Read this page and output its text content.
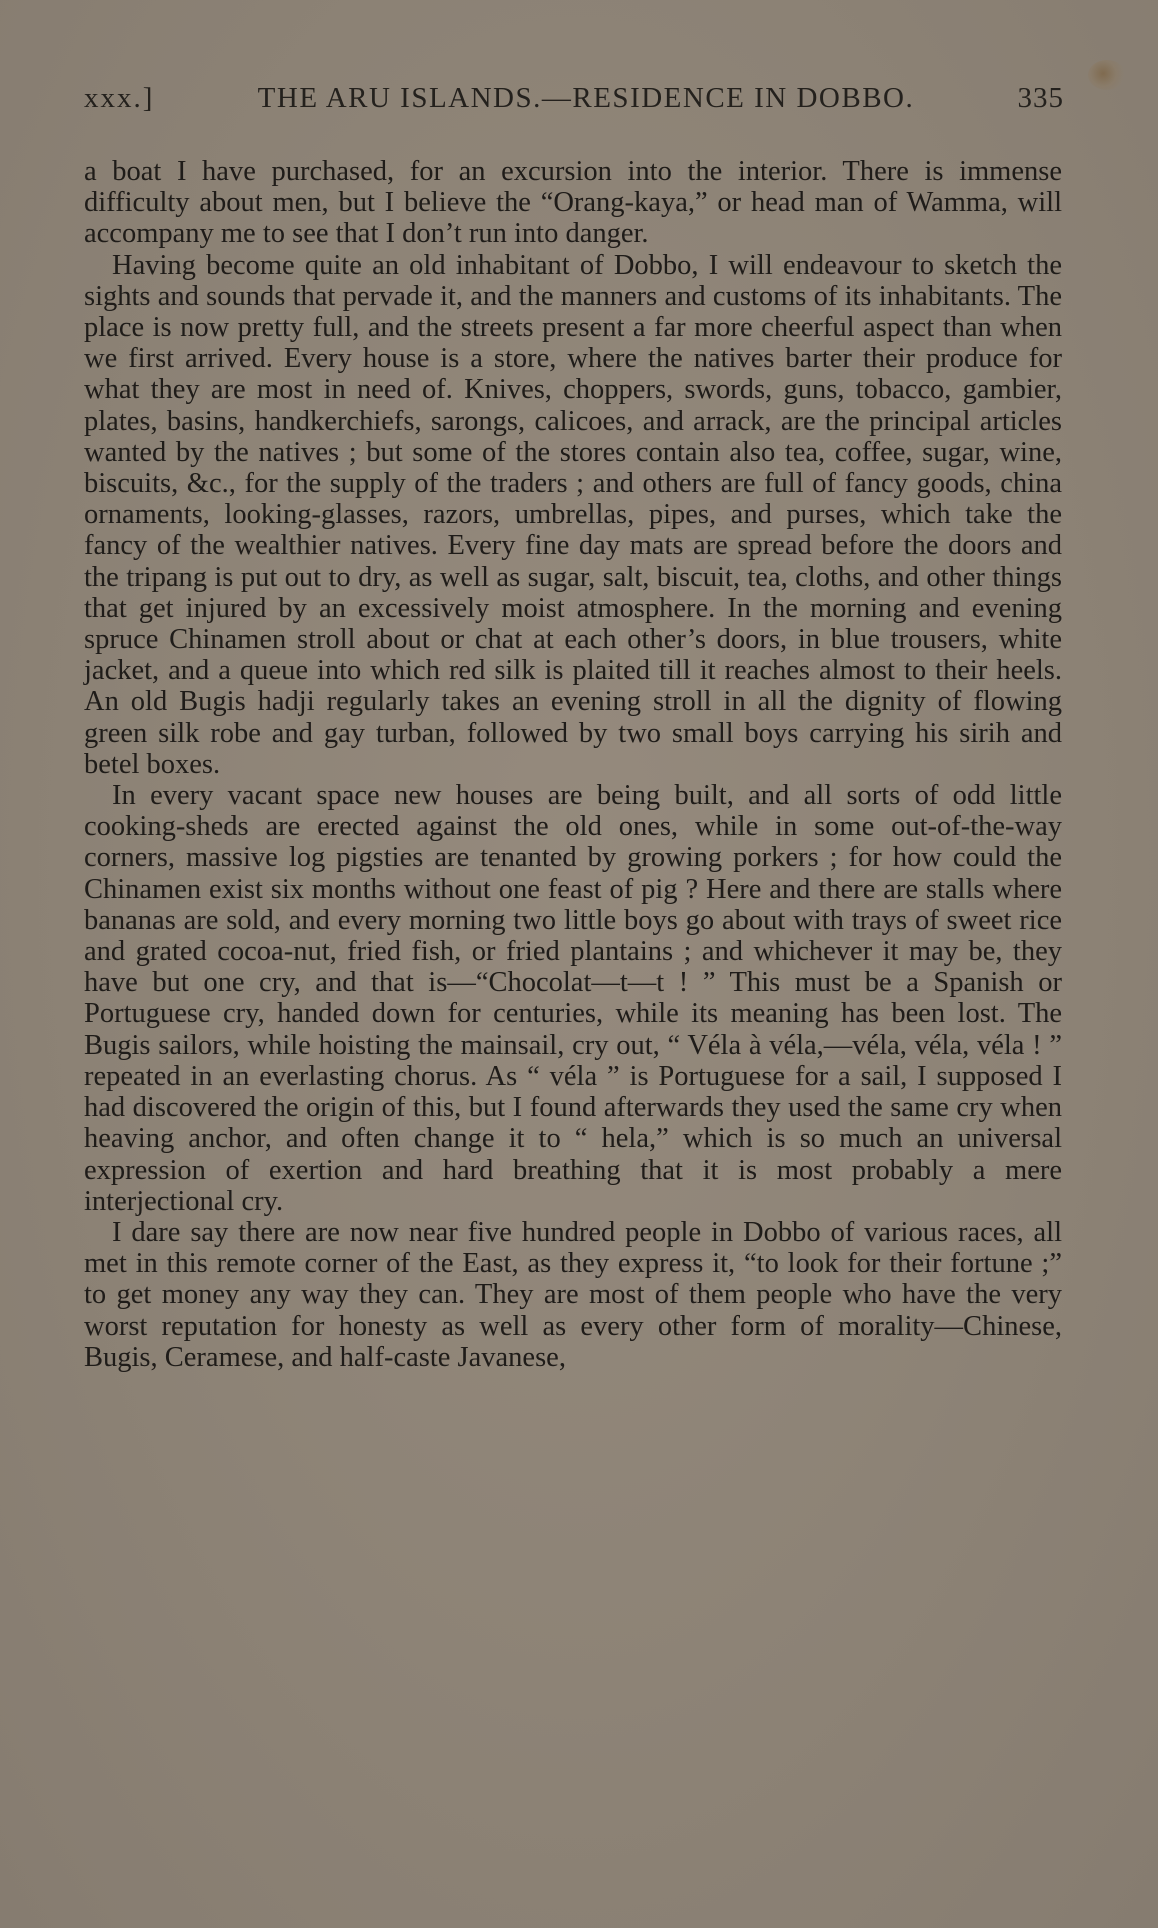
xxx.]	THE ARU ISLANDS.—RESIDENCE IN DOBBO.	335

a boat I have purchased, for an excursion into the interior. There is immense difficulty about men, but I believe the “Orang-kaya,” or head man of Wamma, will accompany me to see that I don’t run into danger.

Having become quite an old inhabitant of Dobbo, I will endeavour to sketch the sights and sounds that pervade it, and the manners and customs of its inhabitants. The place is now pretty full, and the streets present a far more cheerful aspect than when we first arrived. Every house is a store, where the natives barter their produce for what they are most in need of. Knives, choppers, swords, guns, tobacco, gambier, plates, basins, handkerchiefs, sarongs, calicoes, and arrack, are the principal articles wanted by the natives ; but some of the stores contain also tea, coffee, sugar, wine, biscuits, &c., for the supply of the traders ; and others are full of fancy goods, china ornaments, looking-glasses, razors, umbrellas, pipes, and purses, which take the fancy of the wealthier natives. Every fine day mats are spread before the doors and the tripang is put out to dry, as well as sugar, salt, biscuit, tea, cloths, and other things that get injured by an excessively moist atmosphere. In the morning and evening spruce Chinamen stroll about or chat at each other’s doors, in blue trousers, white jacket, and a queue into which red silk is plaited till it reaches almost to their heels. An old Bugis hadji regularly takes an evening stroll in all the dignity of flowing green silk robe and gay turban, followed by two small boys carrying his sirih and betel boxes.

In every vacant space new houses are being built, and all sorts of odd little cooking-sheds are erected against the old ones, while in some out-of-the-way corners, massive log pigsties are tenanted by growing porkers ; for how could the Chinamen exist six months without one feast of pig ? Here and there are stalls where bananas are sold, and every morning two little boys go about with trays of sweet rice and grated cocoa-nut, fried fish, or fried plantains ; and whichever it may be, they have but one cry, and that is—“Chocolat—t—t ! ” This must be a Spanish or Portuguese cry, handed down for centuries, while its meaning has been lost. The Bugis sailors, while hoisting the mainsail, cry out, “ Véla à véla,—véla, véla, véla ! ” repeated in an everlasting chorus. As “ véla ” is Portuguese for a sail, I supposed I had discovered the origin of this, but I found afterwards they used the same cry when heaving anchor, and often change it to “ hela,” which is so much an universal expression of exertion and hard breathing that it is most probably a mere interjectional cry.

I dare say there are now near five hundred people in Dobbo of various races, all met in this remote corner of the East, as they express it, “to look for their fortune ;” to get money any way they can. They are most of them people who have the very worst reputation for honesty as well as every other form of morality—Chinese, Bugis, Ceramese, and half-caste Javanese,
